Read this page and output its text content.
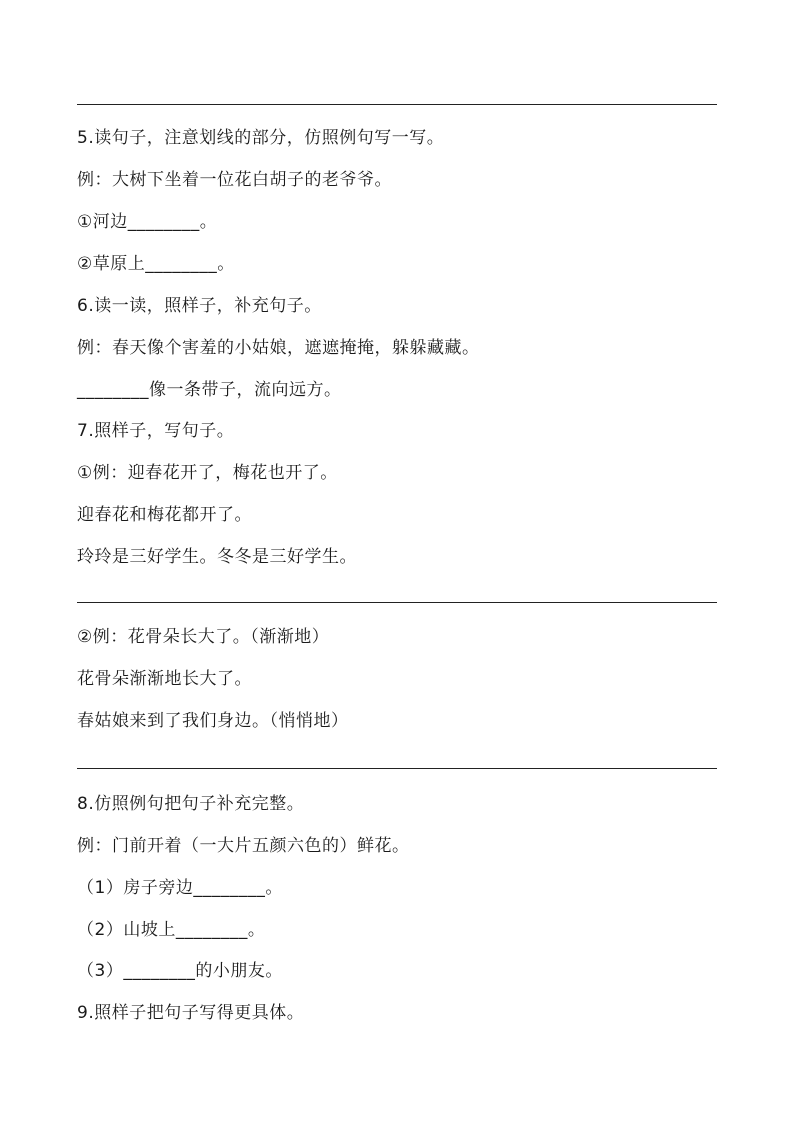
5.读句子，注意划线的部分，仿照例句写一写。
例：大树下坐着一位花白胡子的老爷爷。
①河边________。
②草原上________。
6.读一读，照样子，补充句子。
例：春天像个害羞的小姑娘，遮遮掩掩，躲躲藏藏。
________像一条带子，流向远方。
7.照样子，写句子。
①例：迎春花开了，梅花也开了。
迎春花和梅花都开了。
玲玲是三好学生。冬冬是三好学生。
②例：花骨朵长大了。（渐渐地）
花骨朵渐渐地长大了。
春姑娘来到了我们身边。（悄悄地）
8.仿照例句把句子补充完整。
例：门前开着（一大片五颜六色的）鲜花。
（1）房子旁边________。
（2）山坡上________。
（3）________的小朋友。
9.照样子把句子写得更具体。
